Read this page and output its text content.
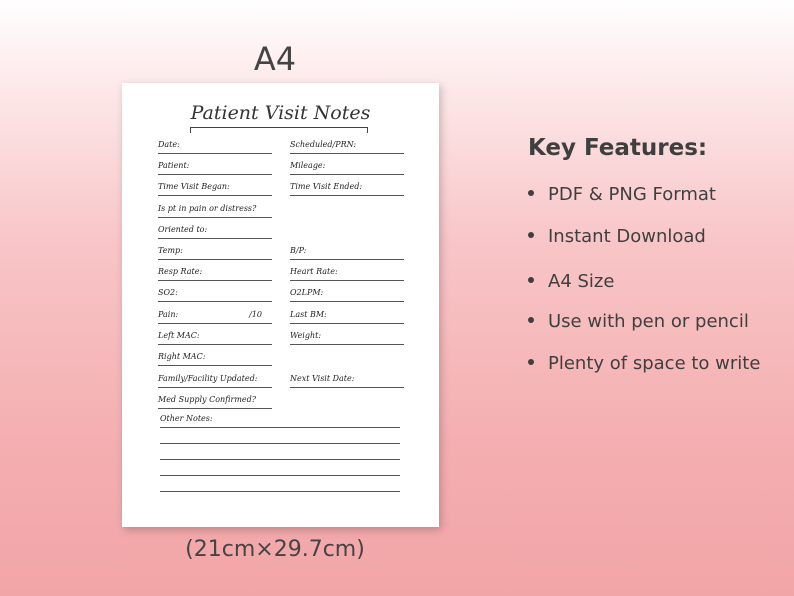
A4
Patient Visit Notes
Date:	Scheduled/PRN:
Patient:	Mileage:
Time Visit Began:	Time Visit Ended:
Is pt in pain or distress?
Oriented to:
Temp:	B/P:
Resp Rate:	Heart Rate:
SO2:	O2LPM:
Pain:	/10	Last BM:
Left MAC:	Weight:
Right MAC:
Family/Facility Updated:	Next Visit Date:
Med Supply Confirmed?
Other Notes:
(21cm×29.7cm)
Key Features:
PDF & PNG Format
Instant Download
A4 Size
Use with pen or pencil
Plenty of space to write
